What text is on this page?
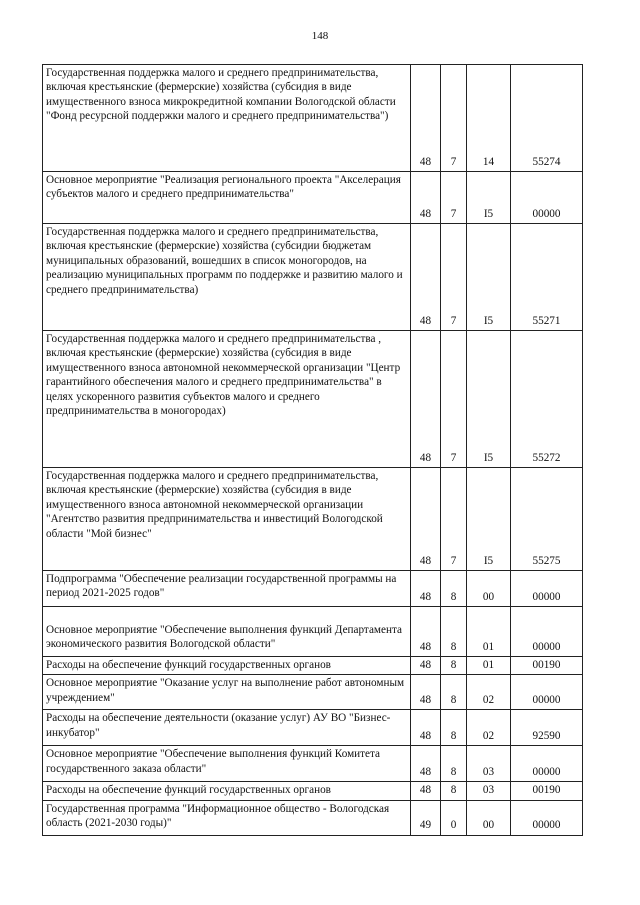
148
Государственная поддержка малого и среднего предпринимательства, включая крестьянские (фермерские) хозяйства (субсидия в виде имущественного взноса микрокредитной компании Вологодской области "Фонд ресурсной поддержки малого и среднего предпринимательства")	48	7	14	55274
Основное мероприятие "Реализация регионального проекта "Акселерация субъектов малого и среднего предпринимательства"	48	7	I5	00000
Государственная поддержка малого и среднего предпринимательства, включая крестьянские (фермерские) хозяйства (субсидии бюджетам муниципальных образований, вошедших в список моногородов, на реализацию муниципальных программ по поддержке и развитию малого и среднего предпринимательства)	48	7	I5	55271
Государственная поддержка малого и среднего предпринимательства , включая крестьянские (фермерские) хозяйства (субсидия в виде имущественного взноса автономной некоммерческой организации "Центр гарантийного обеспечения малого и среднего предпринимательства" в целях ускоренного развития субъектов малого и среднего предпринимательства в моногородах)	48	7	I5	55272
Государственная поддержка малого и среднего предпринимательства, включая крестьянские (фермерские) хозяйства (субсидия в виде имущественного взноса автономной некоммерческой организации "Агентство развития предпринимательства и инвестиций Вологодской области "Мой бизнес"	48	7	I5	55275
Подпрограмма "Обеспечение реализации государственной программы на период 2021-2025 годов"	48	8	00	00000
Основное мероприятие "Обеспечение выполнения функций Департамента экономического развития Вологодской области"	48	8	01	00000
Расходы на обеспечение функций государственных органов	48	8	01	00190
Основное мероприятие "Оказание услуг на выполнение работ автономным учреждением"	48	8	02	00000
Расходы на обеспечение деятельности (оказание услуг) АУ ВО "Бизнес-инкубатор"	48	8	02	92590
Основное мероприятие "Обеспечение выполнения функций Комитета государственного заказа области"	48	8	03	00000
Расходы на обеспечение функций государственных органов	48	8	03	00190
Государственная программа "Информационное общество - Вологодская область (2021-2030 годы)"	49	0	00	00000
